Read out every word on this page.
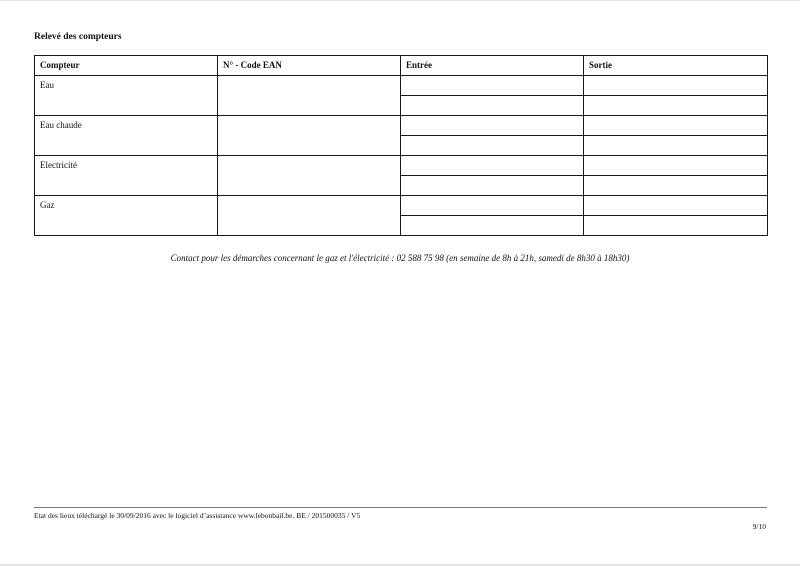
Relevé des compteurs
Compteur	N° - Code EAN	Entrée	Sortie
Eau			

Eau chaude			

Electricité			

Gaz			

Contact pour les démarches concernant le gaz et l'électricité : 02 588 75 98 (en semaine de 8h à 21h, samedi de 8h30 à 18h30)
Etat des lieux téléchargé le 30/09/2016 avec le logiciel d’assistance www.lebonbail.be. BE / 201500035 / V5
9/10
